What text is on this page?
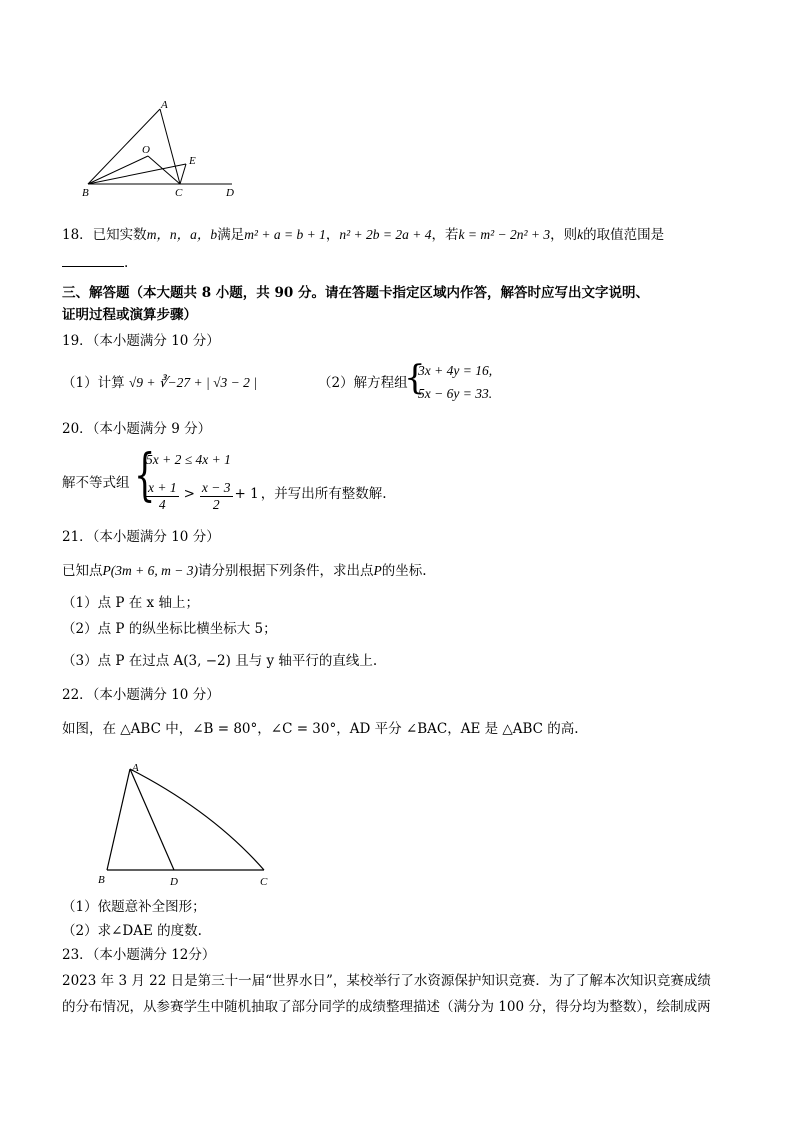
A
O
E
B	C	D
18．已知实数m，n，a，b满足m² + a = b + 1，n² + 2b = 2a + 4，若k = m² − 2n² + 3，则k的取值范围是
.
三、解答题（本大题共 8 小题，共 90 分。请在答题卡指定区域内作答，解答时应写出文字说明、
证明过程或演算步骤）
19．（本小题满分 10 分）
（1）计算 √9 + ∛−27 + | √3 − 2 |	（2）解方程组
{
3x + 4y = 16,
5x − 6y = 33.
20．（本小题满分 9 分）
解不等式组 {
5x + 2 ≤ 4x + 1
$\frac{x + 1}{4} > \frac{x - 3}{2} + 1$ ，并写出所有整数解.
21．（本小题满分 10 分）
已知点P(3m + 6, m − 3)请分别根据下列条件，求出点P的坐标.
（1）点 P 在 x 轴上；
（2）点 P 的纵坐标比横坐标大 5；
（3）点 P 在过点 A(3, −2) 且与 y 轴平行的直线上.
22．（本小题满分 10 分）
如图，在 △ABC 中，∠B = 80°，∠C = 30°，AD 平分 ∠BAC，AE 是 △ABC 的高.
A
B	D	C
（1）依题意补全图形；
（2）求∠DAE 的度数.
23．（本小题满分 12分）
2023 年 3 月 22 日是第三十一届“世界水日”，某校举行了水资源保护知识竞赛．为了了解本次知识竞赛成绩
的分布情况，从参赛学生中随机抽取了部分同学的成绩整理描述（满分为 100 分，得分均为整数），绘制成两
